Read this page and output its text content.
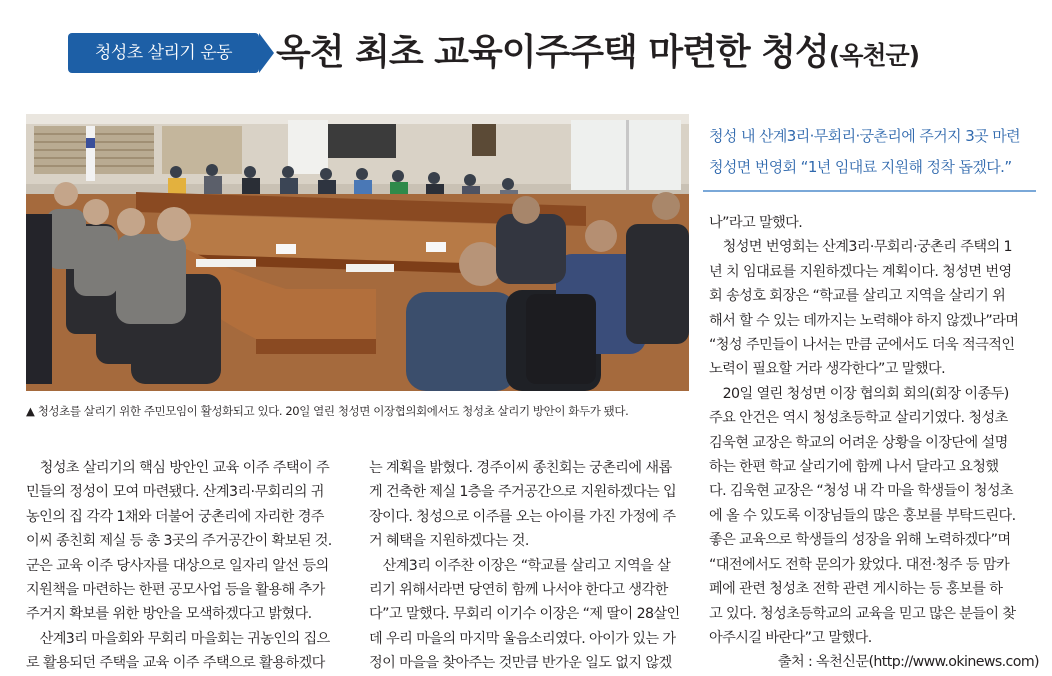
청성초 살리기 운동	옥천 최초 교육이주주택 마련한 청성(옥천군)
▲ 청성초를 살리기 위한 주민모임이 활성화되고 있다. 20일 열린 청성면 이장협의회에서도 청성초 살리기 방안이 화두가 됐다.

청성 내 산계3리·무회리·궁촌리에 주거지 3곳 마련

청성면 번영회 “1년 임대료 지원해 정착 돕겠다.”

　청성초 살리기의 핵심 방안인 교육 이주 주택이 주

민들의 정성이 모여 마련됐다. 산계3리·무회리의 귀

농인의 집 각각 1채와 더불어 궁촌리에 자리한 경주

이씨 종친회 제실 등 총 3곳의 주거공간이 확보된 것.

군은 교육 이주 당사자를 대상으로 일자리 알선 등의

지원책을 마련하는 한편 공모사업 등을 활용해 추가

주거지 확보를 위한 방안을 모색하겠다고 밝혔다.

　산계3리 마을회와 무회리 마을회는 귀농인의 집으

로 활용되던 주택을 교육 이주 주택으로 활용하겠다

는 계획을 밝혔다. 경주이씨 종친회는 궁촌리에 새롭

게 건축한 제실 1층을 주거공간으로 지원하겠다는 입

장이다. 청성으로 이주를 오는 아이를 가진 가정에 주

거 혜택을 지원하겠다는 것.

　산계3리 이주찬 이장은 “학교를 살리고 지역을 살

리기 위해서라면 당연히 함께 나서야 한다고 생각한

다”고 말했다. 무회리 이기수 이장은 “제 딸이 28살인

데 우리 마을의 마지막 울음소리였다. 아이가 있는 가

정이 마을을 찾아주는 것만큼 반가운 일도 없지 않겠

나”라고 말했다.

　청성면 번영회는 산계3리·무회리·궁촌리 주택의 1

년 치 임대료를 지원하겠다는 계획이다. 청성면 번영

회 송성호 회장은 “학교를 살리고 지역을 살리기 위

해서 할 수 있는 데까지는 노력해야 하지 않겠나”라며

“청성 주민들이 나서는 만큼 군에서도 더욱 적극적인

노력이 필요할 거라 생각한다”고 말했다.

　20일 열린 청성면 이장 협의회 회의(회장 이종두)

주요 안건은 역시 청성초등학교 살리기였다. 청성초

김욱현 교장은 학교의 어려운 상황을 이장단에 설명

하는 한편 학교 살리기에 함께 나서 달라고 요청했

다. 김욱현 교장은 “청성 내 각 마을 학생들이 청성초

에 올 수 있도록 이장님들의 많은 홍보를 부탁드린다.

좋은 교육으로 학생들의 성장을 위해 노력하겠다”며

“대전에서도 전학 문의가 왔었다. 대전·청주 등 맘카

페에 관련 청성초 전학 관련 게시하는 등 홍보를 하

고 있다. 청성초등학교의 교육을 믿고 많은 분들이 찾

아주시길 바란다”고 말했다.

출처 : 옥천신문(http://www.okinews.com)
